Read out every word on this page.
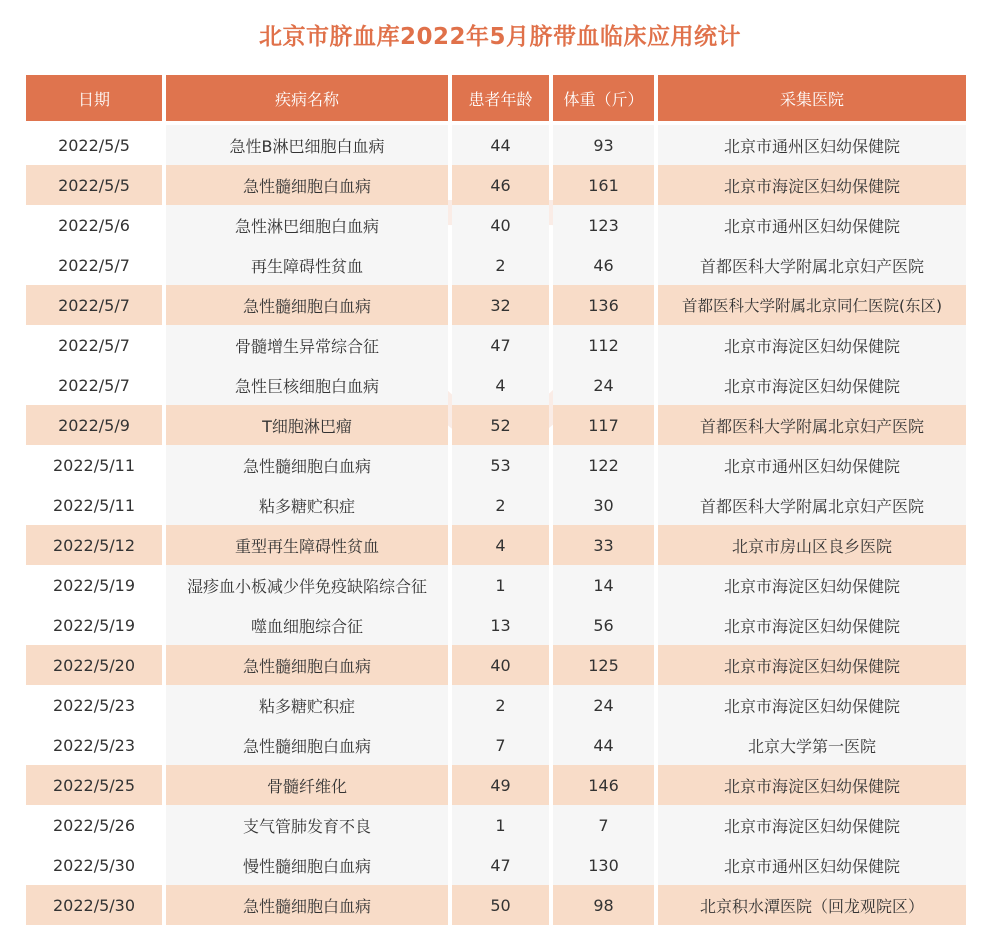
北京市脐血库2022年5月脐带血临床应用统计
日期	疾病名称	患者年龄	体重（斤）	采集医院
2022/5/5	急性B淋巴细胞白血病	44	93	北京市通州区妇幼保健院
2022/5/5	急性髓细胞白血病	46	161	北京市海淀区妇幼保健院
2022/5/6	急性淋巴细胞白血病	40	123	北京市通州区妇幼保健院
2022/5/7	再生障碍性贫血	2	46	首都医科大学附属北京妇产医院
2022/5/7	急性髓细胞白血病	32	136	首都医科大学附属北京同仁医院(东区)
2022/5/7	骨髓增生异常综合征	47	112	北京市海淀区妇幼保健院
2022/5/7	急性巨核细胞白血病	4	24	北京市海淀区妇幼保健院
2022/5/9	T细胞淋巴瘤	52	117	首都医科大学附属北京妇产医院
2022/5/11	急性髓细胞白血病	53	122	北京市通州区妇幼保健院
2022/5/11	粘多糖贮积症	2	30	首都医科大学附属北京妇产医院
2022/5/12	重型再生障碍性贫血	4	33	北京市房山区良乡医院
2022/5/19	湿疹血小板减少伴免疫缺陷综合征	1	14	北京市海淀区妇幼保健院
2022/5/19	噬血细胞综合征	13	56	北京市海淀区妇幼保健院
2022/5/20	急性髓细胞白血病	40	125	北京市海淀区妇幼保健院
2022/5/23	粘多糖贮积症	2	24	北京市海淀区妇幼保健院
2022/5/23	急性髓细胞白血病	7	44	北京大学第一医院
2022/5/25	骨髓纤维化	49	146	北京市海淀区妇幼保健院
2022/5/26	支气管肺发育不良	1	7	北京市海淀区妇幼保健院
2022/5/30	慢性髓细胞白血病	47	130	北京市通州区妇幼保健院
2022/5/30	急性髓细胞白血病	50	98	北京积水潭医院（回龙观院区）
